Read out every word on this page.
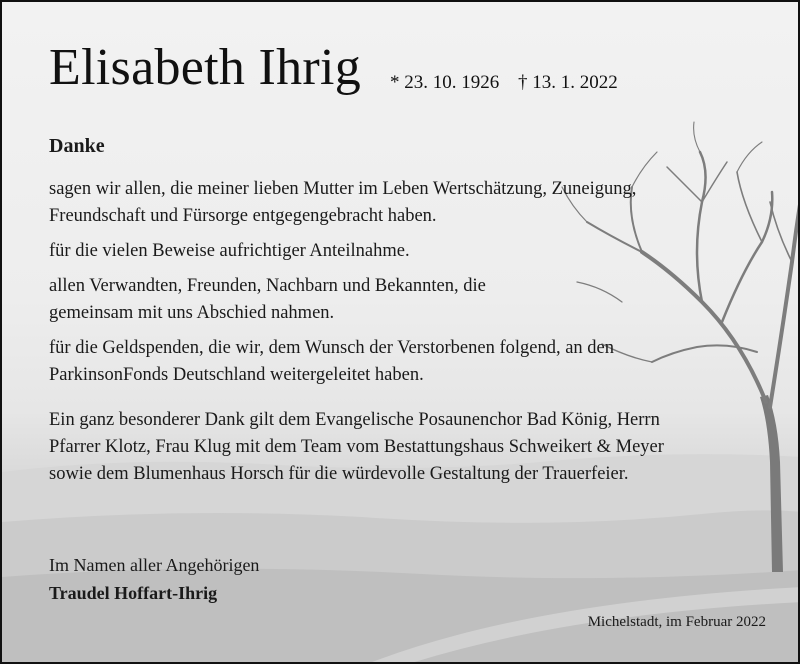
Elisabeth Ihrig * 23. 10. 1926 † 13. 1. 2022
Danke

sagen wir allen, die meiner lieben Mutter im Leben Wertschätzung, Zuneigung, Freundschaft und Fürsorge entgegengebracht haben.

für die vielen Beweise aufrichtiger Anteilnahme.

allen Verwandten, Freunden, Nachbarn und Bekannten, die gemeinsam mit uns Abschied nahmen.

für die Geldspenden, die wir, dem Wunsch der Verstorbenen folgend, an den ParkinsonFonds Deutschland weitergeleitet haben.

Ein ganz besonderer Dank gilt dem Evangelische Posaunenchor Bad König, Herrn Pfarrer Klotz, Frau Klug mit dem Team vom Bestattungshaus Schweikert & Meyer sowie dem Blumenhaus Horsch für die würdevolle Gestaltung der Trauerfeier.

Im Namen aller Angehörigen
Traudel Hoffart-Ihrig
Michelstadt, im Februar 2022
